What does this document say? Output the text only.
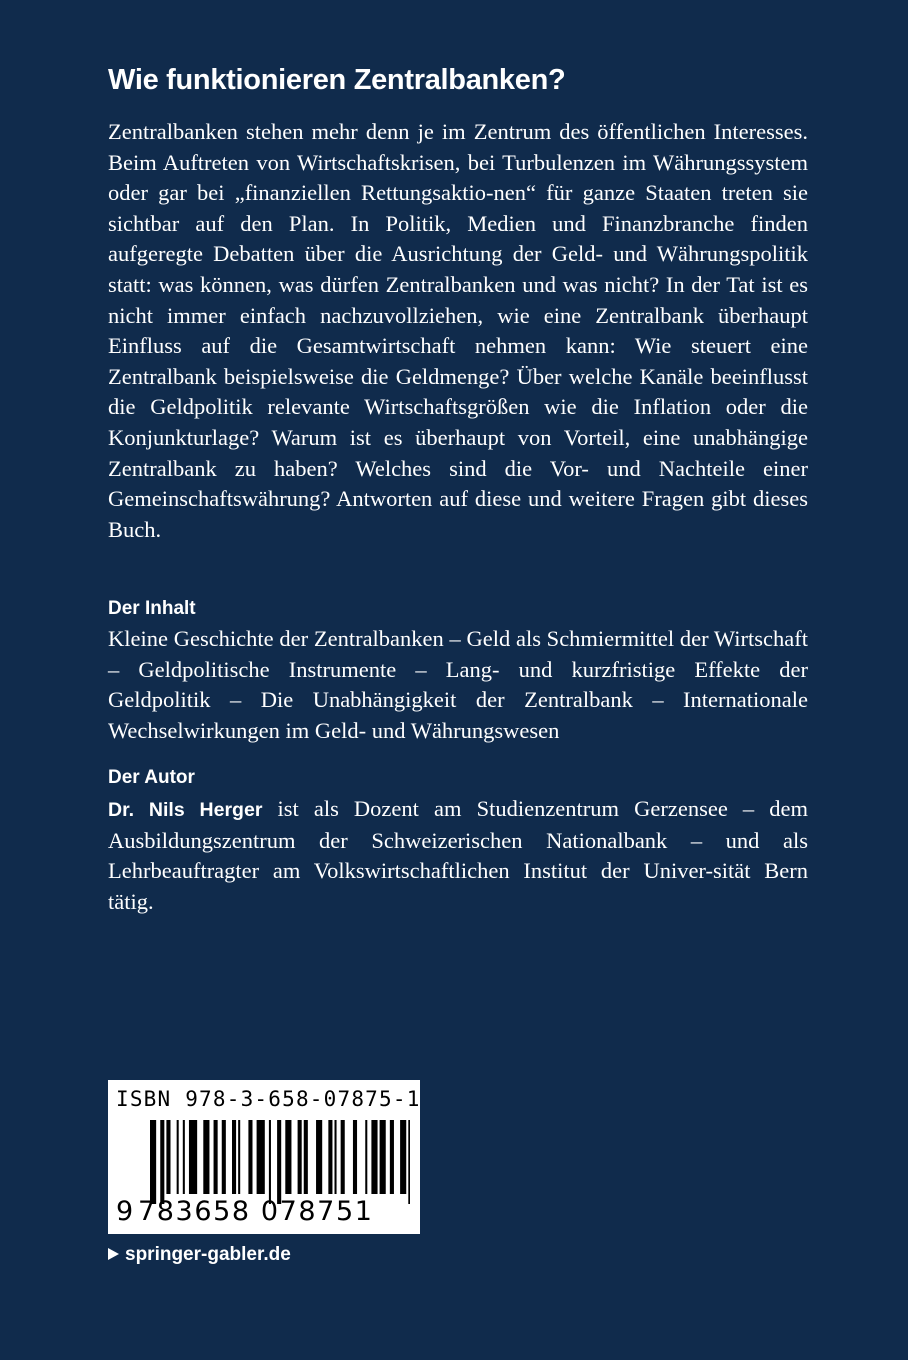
Wie funktionieren Zentralbanken?

Zentralbanken stehen mehr denn je im Zentrum des öffentlichen Interesses. Beim Auftreten von Wirtschaftskrisen, bei Turbulenzen im Währungssystem oder gar bei „finanziellen Rettungsaktio-nen“ für ganze Staaten treten sie sichtbar auf den Plan. In Politik, Medien und Finanzbranche finden aufgeregte Debatten über die Ausrichtung der Geld- und Währungspolitik statt: was können, was dürfen Zentralbanken und was nicht? In der Tat ist es nicht immer einfach nachzuvollziehen, wie eine Zentralbank überhaupt Einfluss auf die Gesamtwirtschaft nehmen kann: Wie steuert eine Zentralbank beispielsweise die Geldmenge? Über welche Kanäle beeinflusst die Geldpolitik relevante Wirtschaftsgrößen wie die Inflation oder die Konjunkturlage? Warum ist es überhaupt von Vorteil, eine unabhängige Zentralbank zu haben? Welches sind die Vor- und Nachteile einer Gemeinschaftswährung? Antworten auf diese und weitere Fragen gibt dieses Buch.

Der Inhalt

Kleine Geschichte der Zentralbanken – Geld als Schmiermittel der Wirtschaft – Geldpolitische Instrumente – Lang- und kurzfristige Effekte der Geldpolitik – Die Unabhängigkeit der Zentralbank – Internationale Wechselwirkungen im Geld- und Währungswesen

Der Autor

Dr. Nils Herger ist als Dozent am Studienzentrum Gerzensee – dem Ausbildungszentrum der Schweizerischen Nationalbank – und als Lehrbeauftragter am Volkswirtschaftlichen Institut der Univer-sität Bern tätig.

ISBN 978-3-658-07875-1
9 783658 078751
springer-gabler.de
